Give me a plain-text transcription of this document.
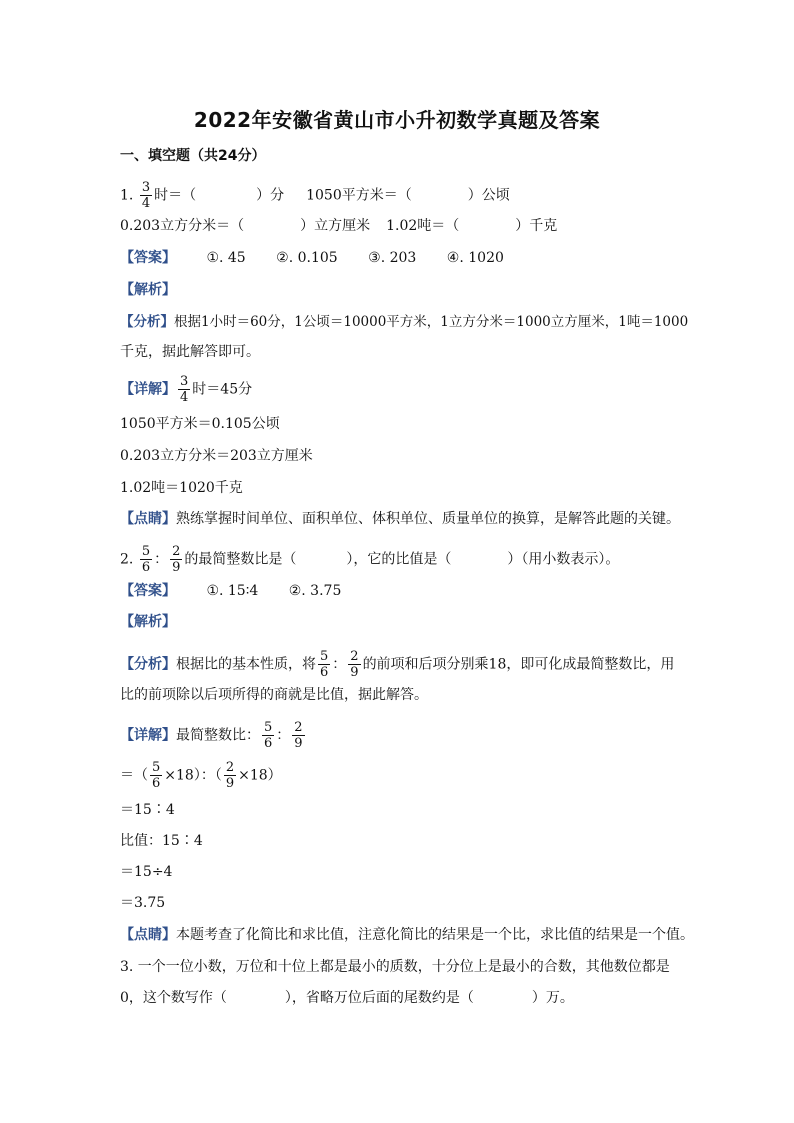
2022年安徽省黄山市小升初数学真题及答案
一、填空题（共24分）
1. $\frac{3}{4}$ 时＝（	）分 1050平方米＝（	）公顷
0.203立方分米＝（	）立方厘米 1.02吨＝（	）千克
【答案】 ①. 45 ②. 0.105 ③. 203 ④. 1020
【解析】
【分析】根据1小时＝60分，1公顷＝10000平方米，1立方分米＝1000立方厘米，1吨＝1000
千克，据此解答即可。
【详解】 $\frac{3}{4}$ 时＝45分
1050平方米＝0.105公顷
0.203立方分米＝203立方厘米
1.02吨＝1020千克
【点睛】熟练掌握时间单位、面积单位、体积单位、质量单位的换算，是解答此题的关键。
2. $\frac{5}{6}$ ： $\frac{2}{9}$ 的最简整数比是（	），它的比值是（	）（用小数表示）。
【答案】 ①. 15∶4 ②. 3.75
【解析】
【分析】根据比的基本性质，将 $\frac{5}{6}$ ： $\frac{2}{9}$ 的前项和后项分别乘18，即可化成最简整数比，用
比的前项除以后项所得的商就是比值，据此解答。
【详解】最简整数比： $\frac{5}{6}$ ： $\frac{2}{9}$
＝（ $\frac{5}{6} \times 18$）：（ $\frac{2}{9} \times 18$）
＝15∶4
比值：15∶4
＝15÷4
＝3.75
【点睛】本题考查了化简比和求比值，注意化简比的结果是一个比，求比值的结果是一个值。
3. 一个一位小数，万位和十位上都是最小的质数，十分位上是最小的合数，其他数位都是
0，这个数写作（	），省略万位后面的尾数约是（	）万。
